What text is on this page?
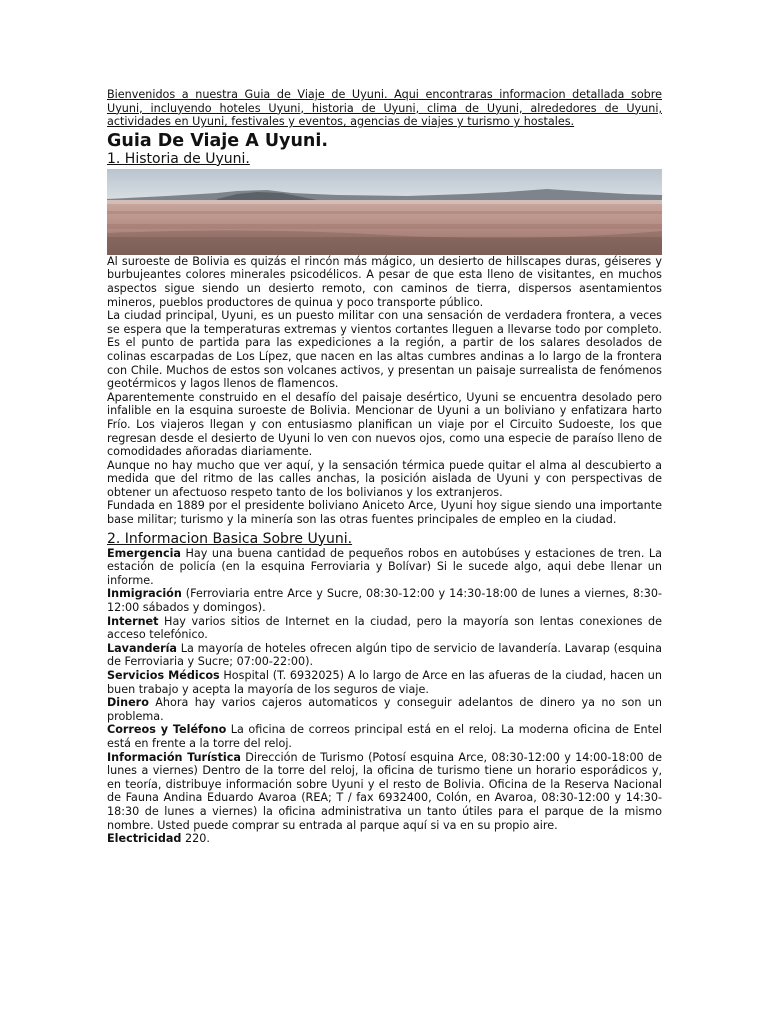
Bienvenidos a nuestra Guia de Viaje de Uyuni. Aqui encontraras informacion detallada sobre Uyuni, incluyendo hoteles Uyuni, historia de Uyuni, clima de Uyuni, alrededores de Uyuni, actividades en Uyuni, festivales y eventos, agencias de viajes y turismo y hostales.

Guia De Viaje A Uyuni.
1. Historia de Uyuni.

Al suroeste de Bolivia es quizás el rincón más mágico, un desierto de hillscapes duras, géiseres y burbujeantes colores minerales psicodélicos. A pesar de que esta lleno de visitantes, en muchos aspectos sigue siendo un desierto remoto, con caminos de tierra, dispersos asentamientos mineros, pueblos productores de quinua y poco transporte público.

La ciudad principal, Uyuni, es un puesto militar con una sensación de verdadera frontera, a veces se espera que la temperaturas extremas y vientos cortantes lleguen a llevarse todo por completo. Es el punto de partida para las expediciones a la región, a partir de los salares desolados de colinas escarpadas de Los Lípez, que nacen en las altas cumbres andinas a lo largo de la frontera con Chile. Muchos de estos son volcanes activos, y presentan un paisaje surrealista de fenómenos geotérmicos y lagos llenos de flamencos.

Aparentemente construido en el desafío del paisaje desértico, Uyuni se encuentra desolado pero infalible en la esquina suroeste de Bolivia. Mencionar de Uyuni a un boliviano y enfatizara harto Frío. Los viajeros llegan y con entusiasmo planifican un viaje por el Circuito Sudoeste, los que regresan desde el desierto de Uyuni lo ven con nuevos ojos, como una especie de paraíso lleno de comodidades añoradas diariamente.

Aunque no hay mucho que ver aquí, y la sensación térmica puede quitar el alma al descubierto a medida que del ritmo de las calles anchas, la posición aislada de Uyuni y con perspectivas de obtener un afectuoso respeto tanto de los bolivianos y los extranjeros.

Fundada en 1889 por el presidente boliviano Aniceto Arce, Uyuni hoy sigue siendo una importante base militar; turismo y la minería son las otras fuentes principales de empleo en la ciudad.

2. Informacion Basica Sobre Uyuni.

Emergencia Hay una buena cantidad de pequeños robos en autobúses y estaciones de tren. La estación de policía (en la esquina Ferroviaria y Bolívar) Si le sucede algo, aqui debe llenar un informe.

Inmigración (Ferroviaria entre Arce y Sucre, 08:30-12:00 y 14:30-18:00 de lunes a viernes, 8:30-12:00 sábados y domingos).

Internet Hay varios sitios de Internet en la ciudad, pero la mayoría son lentas conexiones de acceso telefónico.

Lavandería La mayoría de hoteles ofrecen algún tipo de servicio de lavandería. Lavarap (esquina de Ferroviaria y Sucre; 07:00-22:00).

Servicios Médicos Hospital (T. 6932025) A lo largo de Arce en las afueras de la ciudad, hacen un buen trabajo y acepta la mayoría de los seguros de viaje.

Dinero Ahora hay varios cajeros automaticos y conseguir adelantos de dinero ya no son un problema.

Correos y Teléfono La oficina de correos principal está en el reloj. La moderna oficina de Entel está en frente a la torre del reloj.

Información Turística Dirección de Turismo (Potosí esquina Arce, 08:30-12:00 y 14:00-18:00 de lunes a viernes) Dentro de la torre del reloj, la oficina de turismo tiene un horario esporádicos y, en teoría, distribuye información sobre Uyuni y el resto de Bolivia. Oficina de la Reserva Nacional de Fauna Andina Eduardo Avaroa (REA; T / fax 6932400, Colón, en Avaroa, 08:30-12:00 y 14:30-18:30 de lunes a viernes) la oficina administrativa un tanto útiles para el parque de la mismo nombre. Usted puede comprar su entrada al parque aquí si va en su propio aire.

Electricidad 220.
